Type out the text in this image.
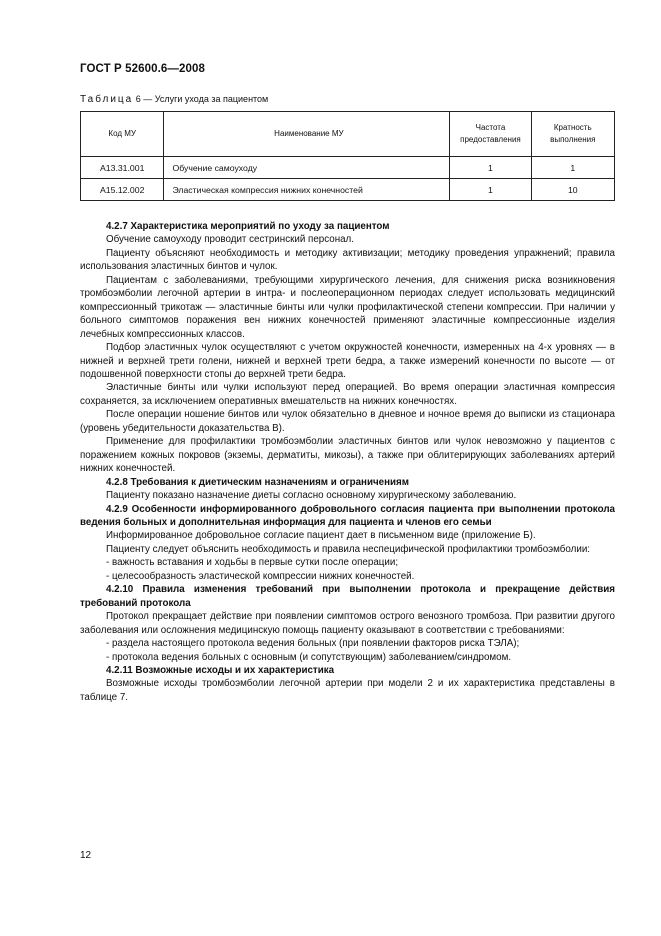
ГОСТ Р 52600.6—2008
Таблица 6 — Услуги ухода за пациентом
Код МУ	Наименование МУ	Частота предоставления	Кратность выполнения
А13.31.001	Обучение самоуходу	1	1
А15.12.002	Эластическая компрессия нижних конечностей	1	10

4.2.7 Характеристика мероприятий по уходу за пациентом

Обучение самоуходу проводит сестринский персонал.

Пациенту объясняют необходимость и методику активизации; методику проведения упражнений; правила использования эластичных бинтов и чулок.

Пациентам с заболеваниями, требующими хирургического лечения, для снижения риска возникновения тромбоэмболии легочной артерии в интра- и послеоперационном периодах следует использовать медицинский компрессионный трикотаж — эластичные бинты или чулки профилактической степени компрессии. При наличии у больного симптомов поражения вен нижних конечностей применяют эластичные компрессионные изделия лечебных компрессионных классов.

Подбор эластичных чулок осуществляют с учетом окружностей конечности, измеренных на 4-х уровнях — в нижней и верхней трети голени, нижней и верхней трети бедра, а также измерений конечности по высоте — от подошвенной поверхности стопы до верхней трети бедра.

Эластичные бинты или чулки используют перед операцией. Во время операции эластичная компрессия сохраняется, за исключением оперативных вмешательств на нижних конечностях.

После операции ношение бинтов или чулок обязательно в дневное и ночное время до выписки из стационара (уровень убедительности доказательства В).

Применение для профилактики тромбоэмболии эластичных бинтов или чулок невозможно у пациентов с поражением кожных покровов (экземы, дерматиты, микозы), а также при облитерирующих заболеваниях артерий нижних конечностей.

4.2.8 Требования к диетическим назначениям и ограничениям

Пациенту показано назначение диеты согласно основному хирургическому заболеванию.

4.2.9 Особенности информированного добровольного согласия пациента при выполнении протокола ведения больных и дополнительная информация для пациента и членов его семьи

Информированное добровольное согласие пациент дает в письменном виде (приложение Б).

Пациенту следует объяснить необходимость и правила неспецифической профилактики тромбоэмболии:

- важность вставания и ходьбы в первые сутки после операции;

- целесообразность эластической компрессии нижних конечностей.

4.2.10 Правила изменения требований при выполнении протокола и прекращение действия требований протокола

Протокол прекращает действие при появлении симптомов острого венозного тромбоза. При развитии другого заболевания или осложнения медицинскую помощь пациенту оказывают в соответствии с требованиями:

- раздела настоящего протокола ведения больных (при появлении факторов риска ТЭЛА);

- протокола ведения больных с основным (и сопутствующим) заболеванием/синдромом.

4.2.11 Возможные исходы и их характеристика

Возможные исходы тромбоэмболии легочной артерии при модели 2 и их характеристика представлены в таблице 7.

12
